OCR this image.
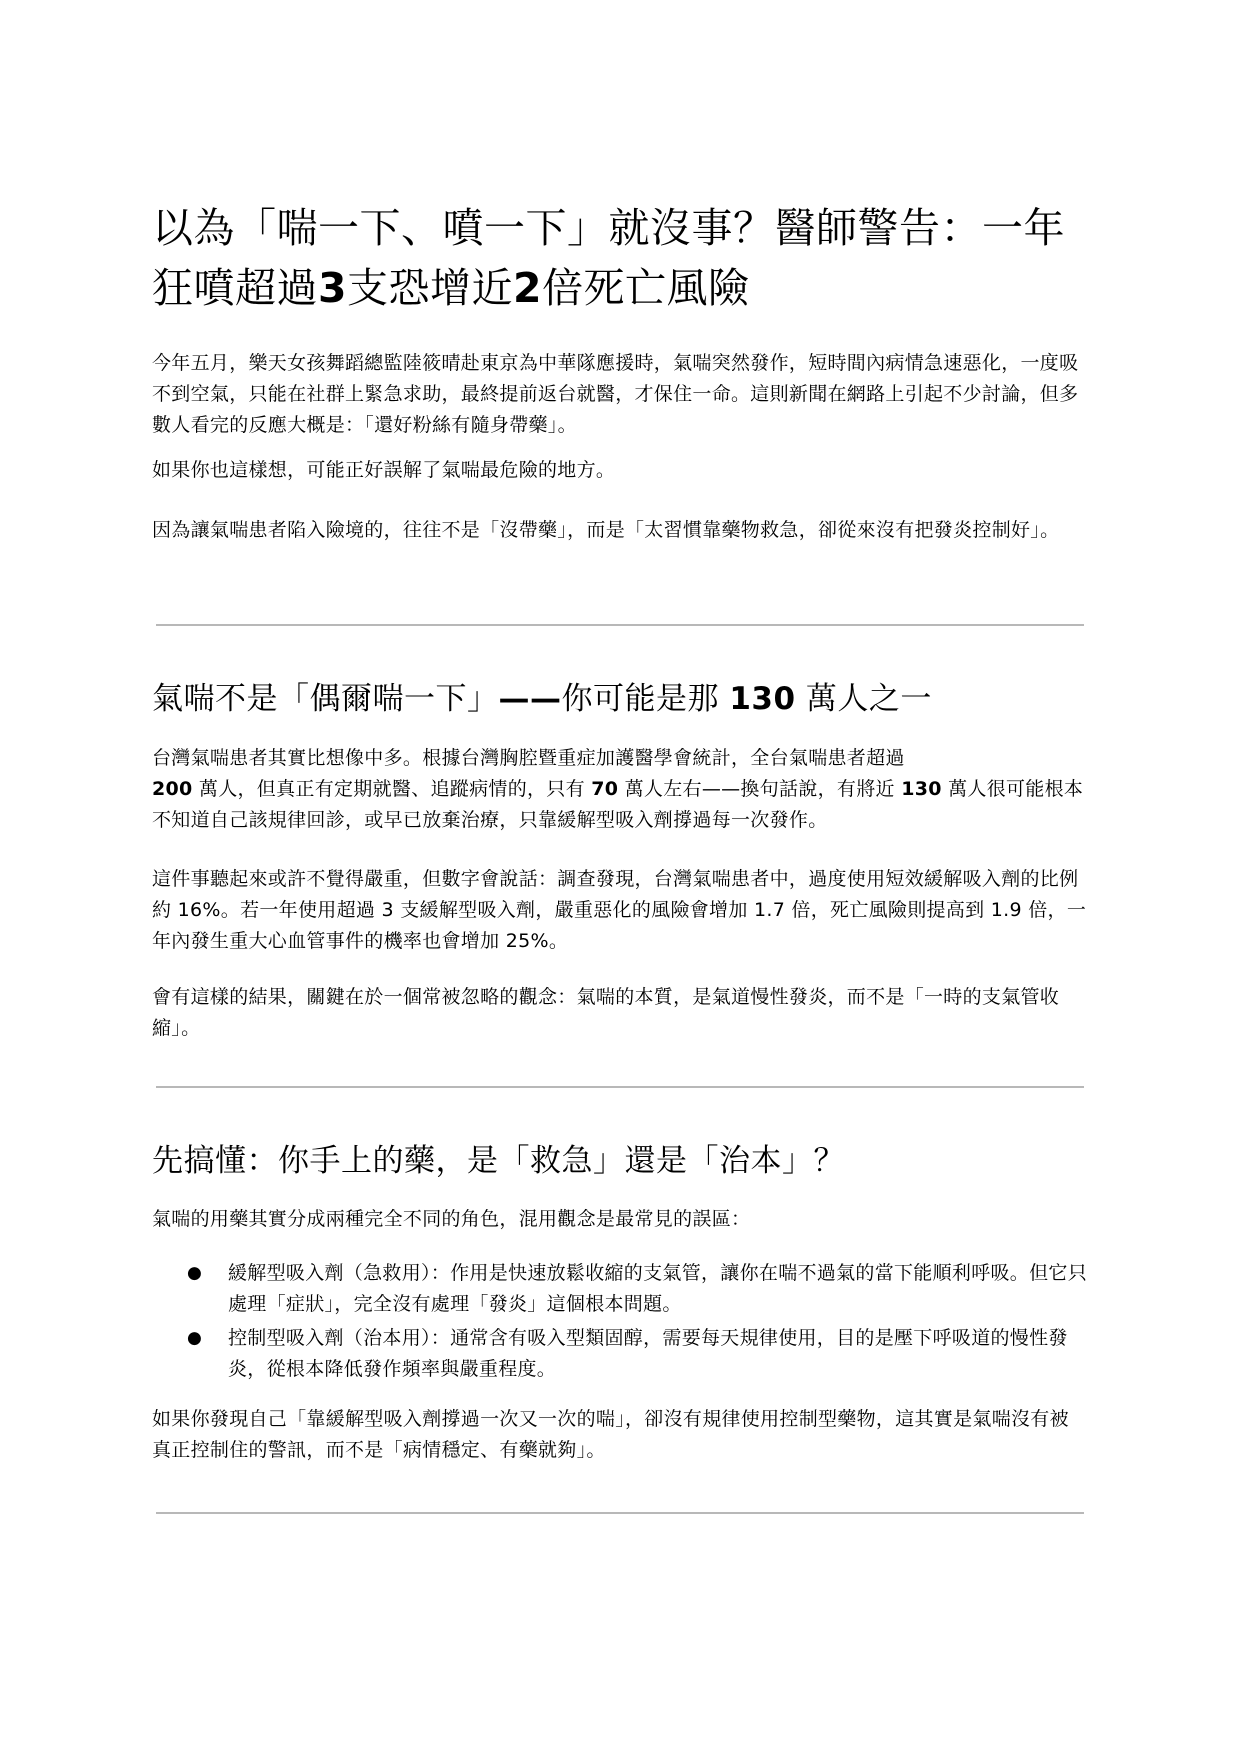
以為「喘一下、噴一下」就沒事？醫師警告：一年狂噴超過3支恐增近2倍死亡風險

今年五月，樂天女孩舞蹈總監陸筱晴赴東京為中華隊應援時，氣喘突然發作，短時間內病情急速惡化，一度吸不到空氣，只能在社群上緊急求助，最終提前返台就醫，才保住一命。這則新聞在網路上引起不少討論，但多數人看完的反應大概是：「還好粉絲有隨身帶藥」。

如果你也這樣想，可能正好誤解了氣喘最危險的地方。

因為讓氣喘患者陷入險境的，往往不是「沒帶藥」，而是「太習慣靠藥物救急，卻從來沒有把發炎控制好」。

氣喘不是「偶爾喘一下」——你可能是那 130 萬人之一

台灣氣喘患者其實比想像中多。根據台灣胸腔暨重症加護醫學會統計，全台氣喘患者超過
200 萬人，但真正有定期就醫、追蹤病情的，只有 70 萬人左右——換句話說，有將近 130 萬人很可能根本不知道自己該規律回診，或早已放棄治療，只靠緩解型吸入劑撐過每一次發作。

這件事聽起來或許不覺得嚴重，但數字會說話：調查發現，台灣氣喘患者中，過度使用短效緩解吸入劑的比例約 16%。若一年使用超過 3 支緩解型吸入劑，嚴重惡化的風險會增加 1.7 倍，死亡風險則提高到 1.9 倍，一年內發生重大心血管事件的機率也會增加 25%。

會有這樣的結果，關鍵在於一個常被忽略的觀念：氣喘的本質，是氣道慢性發炎，而不是「一時的支氣管收縮」。

先搞懂：你手上的藥，是「救急」還是「治本」？

氣喘的用藥其實分成兩種完全不同的角色，混用觀念是最常見的誤區：

● 緩解型吸入劑（急救用）：作用是快速放鬆收縮的支氣管，讓你在喘不過氣的當下能順利呼吸。但它只處理「症狀」，完全沒有處理「發炎」這個根本問題。
● 控制型吸入劑（治本用）：通常含有吸入型類固醇，需要每天規律使用，目的是壓下呼吸道的慢性發炎，從根本降低發作頻率與嚴重程度。

如果你發現自己「靠緩解型吸入劑撐過一次又一次的喘」，卻沒有規律使用控制型藥物，這其實是氣喘沒有被真正控制住的警訊，而不是「病情穩定、有藥就夠」。
